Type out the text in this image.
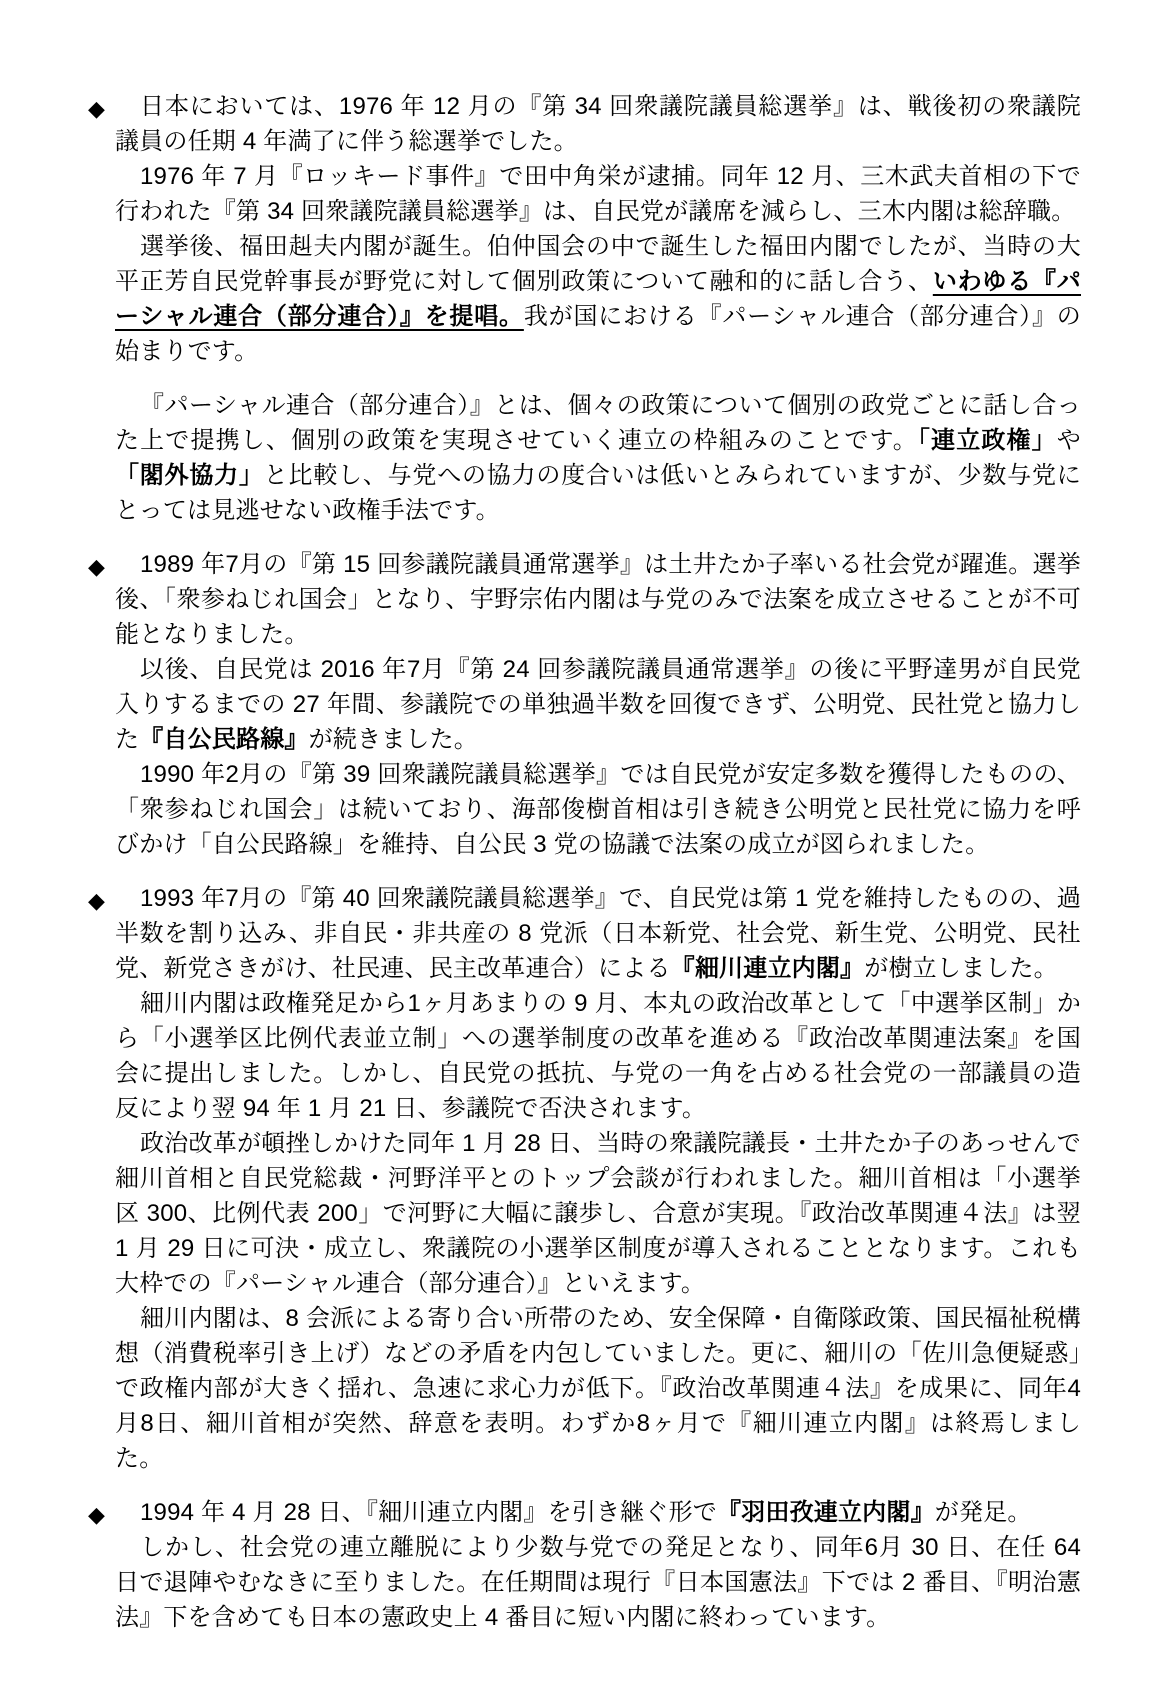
◆	日本においては、1976 年 12 月の『第 34 回衆議院議員総選挙』は、戦後初の衆議院議員の任期 4 年満了に伴う総選挙でした。

1976 年 7 月『ロッキード事件』で田中角栄が逮捕。同年 12 月、三木武夫首相の下で行われた『第 34 回衆議院議員総選挙』は、自民党が議席を減らし、三木内閣は総辞職。

選挙後、福田赳夫内閣が誕生。伯仲国会の中で誕生した福田内閣でしたが、当時の大平正芳自民党幹事長が野党に対して個別政策について融和的に話し合う、いわゆる『パーシャル連合（部分連合）』を提唱。我が国における『パーシャル連合（部分連合）』の始まりです。

『パーシャル連合（部分連合）』とは、個々の政策について個別の政党ごとに話し合った上で提携し、個別の政策を実現させていく連立の枠組みのことです。「連立政権」や「閣外協力」と比較し、与党への協力の度合いは低いとみられていますが、少数与党にとっては見逃せない政権手法です。

◆	1989 年7月の『第 15 回参議院議員通常選挙』は土井たか子率いる社会党が躍進。選挙後、「衆参ねじれ国会」となり、宇野宗佑内閣は与党のみで法案を成立させることが不可能となりました。

以後、自民党は 2016 年7月『第 24 回参議院議員通常選挙』の後に平野達男が自民党入りするまでの 27 年間、参議院での単独過半数を回復できず、公明党、民社党と協力した『自公民路線』が続きました。

1990 年2月の『第 39 回衆議院議員総選挙』では自民党が安定多数を獲得したものの、「衆参ねじれ国会」は続いており、海部俊樹首相は引き続き公明党と民社党に協力を呼びかけ「自公民路線」を維持、自公民 3 党の協議で法案の成立が図られました。

◆	1993 年7月の『第 40 回衆議院議員総選挙』で、自民党は第 1 党を維持したものの、過半数を割り込み、非自民・非共産の 8 党派（日本新党、社会党、新生党、公明党、民社党、新党さきがけ、社民連、民主改革連合）による『細川連立内閣』が樹立しました。

細川内閣は政権発足から1ヶ月あまりの 9 月、本丸の政治改革として「中選挙区制」から「小選挙区比例代表並立制」への選挙制度の改革を進める『政治改革関連法案』を国会に提出しました。しかし、自民党の抵抗、与党の一角を占める社会党の一部議員の造反により翌 94 年 1 月 21 日、参議院で否決されます。

政治改革が頓挫しかけた同年 1 月 28 日、当時の衆議院議長・土井たか子のあっせんで細川首相と自民党総裁・河野洋平とのトップ会談が行われました。細川首相は「小選挙区 300、比例代表 200」で河野に大幅に譲歩し、合意が実現。『政治改革関連４法』は翌 1 月 29 日に可決・成立し、衆議院の小選挙区制度が導入されることとなります。これも大枠での『パーシャル連合（部分連合）』といえます。

細川内閣は、8 会派による寄り合い所帯のため、安全保障・自衛隊政策、国民福祉税構想（消費税率引き上げ）などの矛盾を内包していました。更に、細川の「佐川急便疑惑」で政権内部が大きく揺れ、急速に求心力が低下。『政治改革関連４法』を成果に、同年4月8日、細川首相が突然、辞意を表明。わずか8ヶ月で『細川連立内閣』は終焉しました。

◆	1994 年 4 月 28 日、『細川連立内閣』を引き継ぐ形で『羽田孜連立内閣』が発足。

しかし、社会党の連立離脱により少数与党での発足となり、同年6月 30 日、在任 64 日で退陣やむなきに至りました。在任期間は現行『日本国憲法』下では 2 番目、『明治憲法』下を含めても日本の憲政史上 4 番目に短い内閣に終わっています。
